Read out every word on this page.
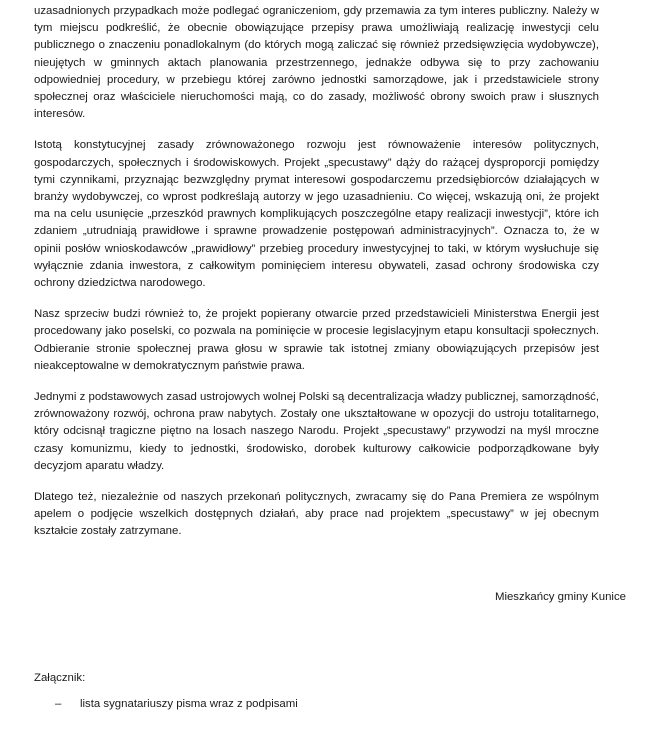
uzasadnionych przypadkach może podlegać ograniczeniom, gdy przemawia za tym interes publiczny. Należy w tym miejscu podkreślić, że obecnie obowiązujące przepisy prawa umożliwiają realizację inwestycji celu publicznego o znaczeniu ponadlokalnym (do których mogą zaliczać się również przedsięwzięcia wydobywcze), nieujętych w gminnych aktach planowania przestrzennego, jednakże odbywa się to przy zachowaniu odpowiedniej procedury, w przebiegu której zarówno jednostki samorządowe, jak i przedstawiciele strony społecznej oraz właściciele nieruchomości mają, co do zasady, możliwość obrony swoich praw i słusznych interesów.

Istotą konstytucyjnej zasady zrównoważonego rozwoju jest równoważenie interesów politycznych, gospodarczych, społecznych i środowiskowych. Projekt „specustawy” dąży do rażącej dysproporcji pomiędzy tymi czynnikami, przyznając bezwzględny prymat interesowi gospodarczemu przedsiębiorców działających w branży wydobywczej, co wprost podkreślają autorzy w jego uzasadnieniu. Co więcej, wskazują oni, że projekt ma na celu usunięcie „przeszkód prawnych komplikujących poszczególne etapy realizacji inwestycji”, które ich zdaniem „utrudniają prawidłowe i sprawne prowadzenie postępowań administracyjnych”. Oznacza to, że w opinii posłów wnioskodawców „prawidłowy” przebieg procedury inwestycyjnej to taki, w którym wysłuchuje się wyłącznie zdania inwestora, z całkowitym pominięciem interesu obywateli, zasad ochrony środowiska czy ochrony dziedzictwa narodowego.

Nasz sprzeciw budzi również to, że projekt popierany otwarcie przed przedstawicieli Ministerstwa Energii jest procedowany jako poselski, co pozwala na pominięcie w procesie legislacyjnym etapu konsultacji społecznych. Odbieranie stronie społecznej prawa głosu w sprawie tak istotnej zmiany obowiązujących przepisów jest nieakceptowalne w demokratycznym państwie prawa.

Jednymi z podstawowych zasad ustrojowych wolnej Polski są decentralizacja władzy publicznej, samorządność, zrównoważony rozwój, ochrona praw nabytych. Zostały one ukształtowane w opozycji do ustroju totalitarnego, który odcisnął tragiczne piętno na losach naszego Narodu. Projekt „specustawy” przywodzi na myśl mroczne czasy komunizmu, kiedy to jednostki, środowisko, dorobek kulturowy całkowicie podporządkowane były decyzjom aparatu władzy.

Dlatego też, niezależnie od naszych przekonań politycznych, zwracamy się do Pana Premiera ze wspólnym apelem o podjęcie wszelkich dostępnych działań, aby prace nad projektem „specustawy” w jej obecnym kształcie zostały zatrzymane.

Mieszkańcy gminy Kunice
Załącznik:
–	lista sygnatariuszy pisma wraz z podpisami
